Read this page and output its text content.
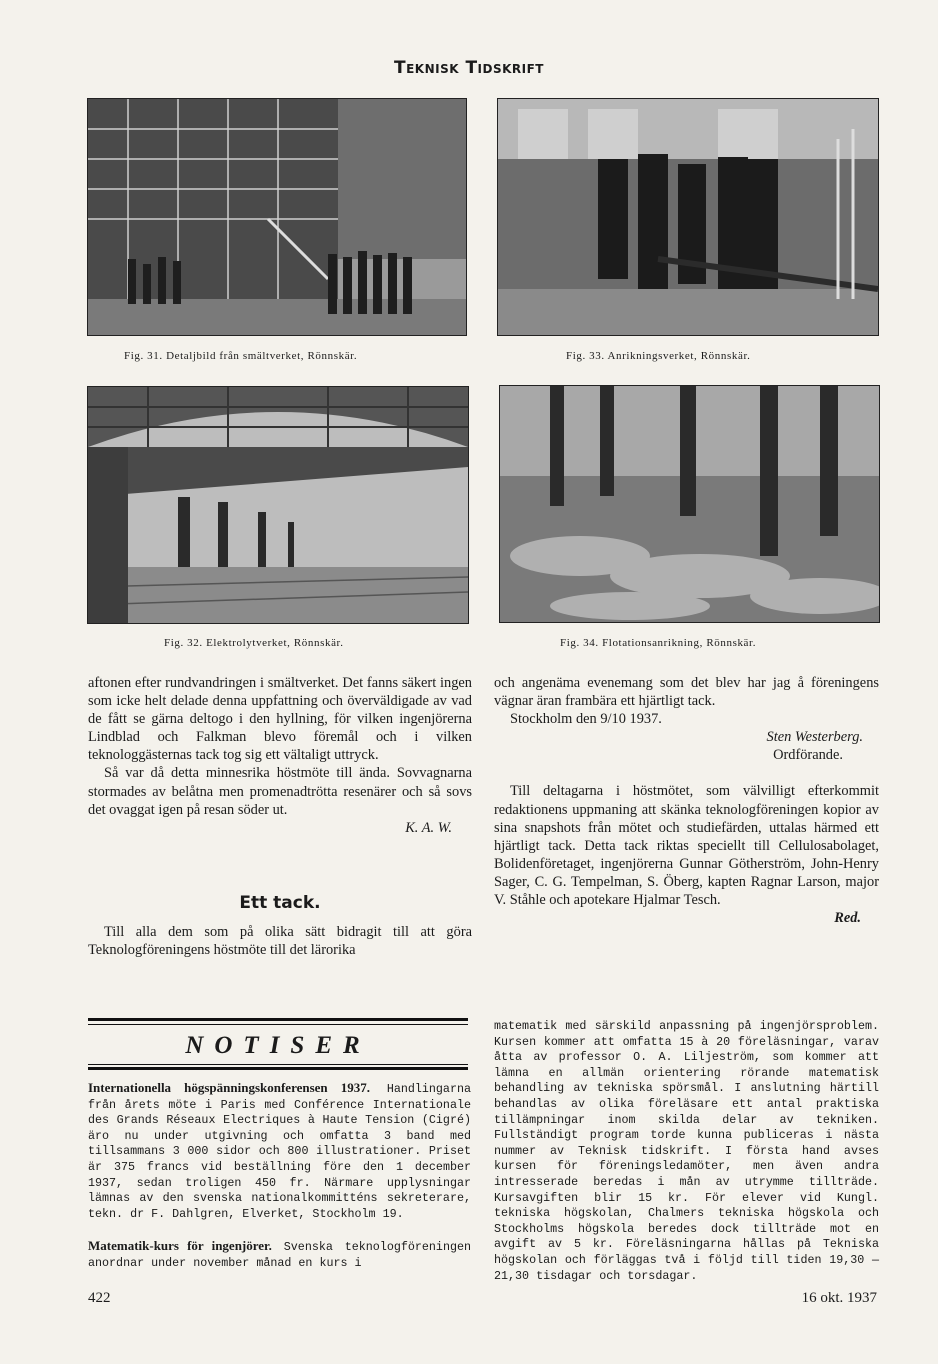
Teknisk Tidskrift
Fig. 31. Detaljbild från smältverket, Rönnskär.	Fig. 33. Anrikningsverket, Rönnskär.
Fig. 32. Elektrolytverket, Rönnskär.	Fig. 34. Flotationsanrikning, Rönnskär.

aftonen efter rundvandringen i smältverket. Det fanns säkert ingen som icke helt delade denna uppfattning och överväldigade av vad de fått se gärna deltogo i den hyllning, för vilken ingenjörerna Lindblad och Falkman blevo föremål och i vilken teknologgästernas tack tog sig ett vältaligt uttryck.

Så var då detta minnesrika höstmöte till ända. Sovvagnarna stormades av belåtna men promenadtrötta resenärer och så sovs det ovaggat igen på resan söder ut.

K. A. W.

Ett tack.

Till alla dem som på olika sätt bidragit till att göra Teknologföreningens höstmöte till det lärorika

och angenäma evenemang som det blev har jag å föreningens vägnar äran frambära ett hjärtligt tack.

Stockholm den 9/10 1937.

Sten Westerberg.

Ordförande.

Till deltagarna i höstmötet, som välvilligt efterkommit redaktionens uppmaning att skänka teknologföreningen kopior av sina snapshots från mötet och studiefärden, uttalas härmed ett hjärtligt tack. Detta tack riktas speciellt till Cellulosabolaget, Bolidenföretaget, ingenjörerna Gunnar Götherström, John-Henry Sager, C. G. Tempelman, S. Öberg, kapten Ragnar Larson, major V. Ståhle och apotekare Hjalmar Tesch.

Red.

NOTISER

Internationella högspänningskonferensen 1937. Handlingarna från årets möte i Paris med Conférence Internationale des Grands Réseaux Electriques à Haute Tension (Cigré) äro nu under utgivning och omfatta 3 band med tillsammans 3 000 sidor och 800 illustrationer. Priset är 375 francs vid beställning före den 1 december 1937, sedan troligen 450 fr. Närmare upplysningar lämnas av den svenska nationalkommitténs sekreterare, tekn. dr F. Dahlgren, Elverket, Stockholm 19.

Matematik-kurs för ingenjörer. Svenska teknologföreningen anordnar under november månad en kurs i

matematik med särskild anpassning på ingenjörsproblem. Kursen kommer att omfatta 15 à 20 föreläsningar, varav åtta av professor O. A. Liljeström, som kommer att lämna en allmän orientering rörande matematisk behandling av tekniska spörsmål. I anslutning härtill behandlas av olika föreläsare ett antal praktiska tillämpningar inom skilda delar av tekniken. Fullständigt program torde kunna publiceras i nästa nummer av Teknisk tidskrift. I första hand avses kursen för föreningsledamöter, men även andra intresserade beredas i mån av utrymme tillträde. Kursavgiften blir 15 kr. För elever vid Kungl. tekniska högskolan, Chalmers tekniska högskola och Stockholms högskola beredes dock tillträde mot en avgift av 5 kr. Föreläsningarna hållas på Tekniska högskolan och förläggas två i följd till tiden 19,30 —21,30 tisdagar och torsdagar.

422	16 okt. 1937
